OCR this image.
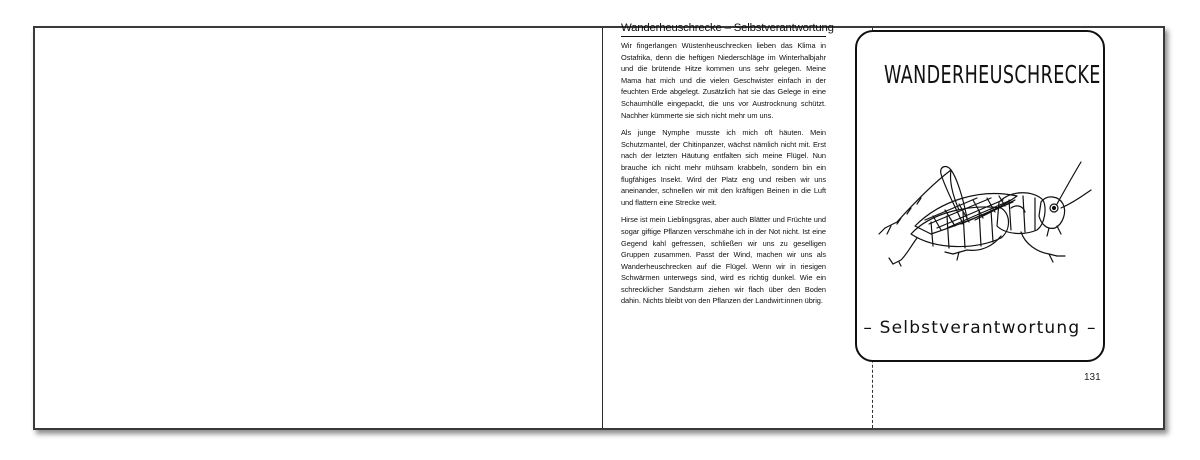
Wanderheuschrecke – Selbstverantwortung

Wir fingerlangen Wüstenheuschrecken lieben das Klima in Ostafrika, denn die heftigen Niederschläge im Winterhalbjahr und die brütende Hitze kommen uns sehr gelegen. Meine Mama hat mich und die vielen Geschwister einfach in der feuchten Erde abgelegt. Zusätzlich hat sie das Gelege in eine Schaumhülle eingepackt, die uns vor Austrocknung schützt. Nachher kümmerte sie sich nicht mehr um uns.

Als junge Nymphe musste ich mich oft häuten. Mein Schutzmantel, der Chitinpanzer, wächst nämlich nicht mit. Erst nach der letzten Häutung entfalten sich meine Flügel. Nun brauche ich nicht mehr mühsam krabbeln, sondern bin ein flugfähiges Insekt. Wird der Platz eng und reiben wir uns aneinander, schnellen wir mit den kräftigen Beinen in die Luft und flattern eine Strecke weit.

Hirse ist mein Lieblingsgras, aber auch Blätter und Früchte und sogar giftige Pflanzen verschmähe ich in der Not nicht. Ist eine Gegend kahl gefressen, schließen wir uns zu geselligen Gruppen zusammen. Passt der Wind, machen wir uns als Wanderheuschrecken auf die Flügel. Wenn wir in riesigen Schwärmen unterwegs sind, wird es richtig dunkel. Wie ein schrecklicher Sandsturm ziehen wir flach über den Boden dahin. Nichts bleibt von den Pflanzen der Landwirt:innen übrig.

WANDERHEUSCHRECKE
– Selbstverantwortung –
131
